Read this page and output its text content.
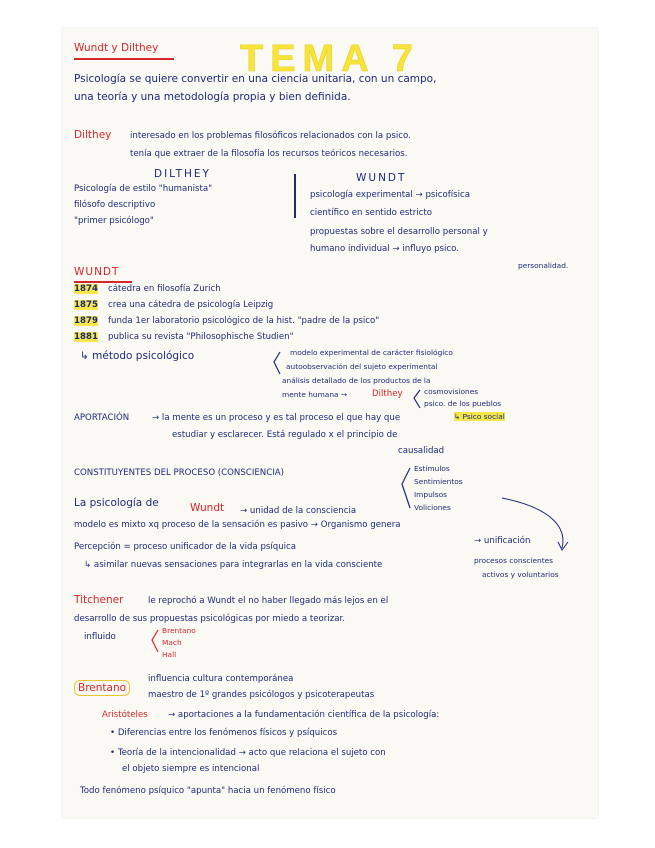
Wundt y Dilthey TEMA 7
Psicología se quiere convertir en una ciencia unitaria, con un campo,
una teoría y una metodología propia y bien definida.
Dilthey interesado en los problemas filosóficos relacionados con la psico.
tenía que extraer de la filosofía los recursos teóricos necesarios.
DILTHEY	WUNDT
Psicología de estilo "humanista"
filósofo descriptivo
"primer psicólogo"
psicología experimental → psicofísica
científico en sentido estricto
propuestas sobre el desarrollo personal y
humano individual → influyo psico.
personalidad.
WUNDT
1874 cátedra en filosofía Zurich
1875 crea una cátedra de psicología Leipzig
1879 funda 1er laboratorio psicológico de la hist. "padre de la psico"
1881 publica su revista "Philosophische Studien"
↳ método psicológico	modelo experimental de carácter fisiológico
autoobservación del sujeto experimental
análisis detallado de los productos de la
mente humana →	Dilthey	cosmovisiones
psico. de los pueblos
↳ Psico social
APORTACIÓN	→ la mente es un proceso y es tal proceso el que hay que
estudiar y esclarecer. Está regulado x el principio de
causalidad
CONSTITUYENTES DEL PROCESO (CONSCIENCIA)	Estímulos
Sentimientos
Impulsos
Voliciones
La psicología de	Wundt → unidad de la consciencia
modelo es mixto xq proceso de la sensación es pasivo → Organismo genera
→ unificación
Percepción = proceso unificador de la vida psíquica
↳ asimilar nuevas sensaciones para integrarlas en la vida consciente	procesos conscientes
activos y voluntarios
Titchener	le reprochó a Wundt el no haber llegado más lejos en el
desarrollo de sus propuestas psicológicas por miedo a teorizar.
influido
Brentano
Mach
Hall
Brentano
influencia cultura contemporánea
maestro de 1º grandes psicólogos y psicoterapeutas
Aristóteles → aportaciones a la fundamentación científica de la psicología:
• Diferencias entre los fenómenos físicos y psíquicos
• Teoría de la intencionalidad → acto que relaciona el sujeto con
el objeto siempre es intencional
Todo fenómeno psíquico "apunta" hacia un fenómeno físico
